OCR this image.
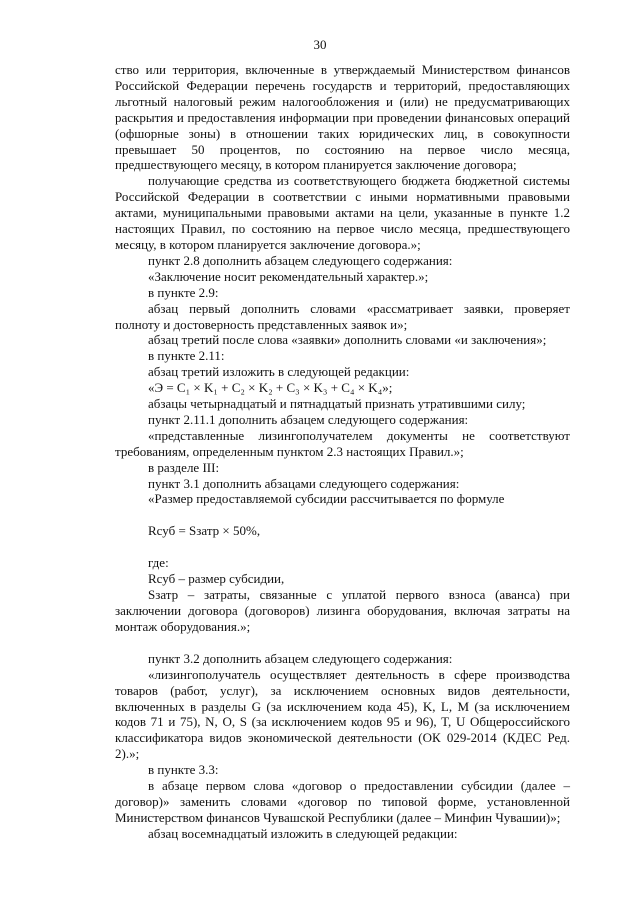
30

ство или территория, включенные в утверждаемый Министерством финансов Российской Федерации перечень государств и территорий, предоставляющих льготный налоговый режим налогообложения и (или) не предусматривающих раскрытия и предоставления информации при проведении финансовых операций (офшорные зоны) в отношении таких юридических лиц, в совокупности превышает 50 процентов, по состоянию на первое число месяца, предшествующего месяцу, в котором планируется заключение договора;

получающие средства из соответствующего бюджета бюджетной системы Российской Федерации в соответствии с иными нормативными правовыми актами, муниципальными правовыми актами на цели, указанные в пункте 1.2 настоящих Правил, по состоянию на первое число месяца, предшествующего месяцу, в котором планируется заключение договора.»;

пункт 2.8 дополнить абзацем следующего содержания:

«Заключение носит рекомендательный характер.»;

в пункте 2.9:

абзац первый дополнить словами «рассматривает заявки, проверяет полноту и достоверность представленных заявок и»;

абзац третий после слова «заявки» дополнить словами «и заключения»;

в пункте 2.11:

абзац третий изложить в следующей редакции:

«Э = C₁ × K₁ + C₂ × K₂ + C₃ × K₃ + C₄ × K₄»;

абзацы четырнадцатый и пятнадцатый признать утратившими силу;

пункт 2.11.1 дополнить абзацем следующего содержания:

«представленные лизингополучателем документы не соответствуют требованиям, определенным пунктом 2.3 настоящих Правил.»;

в разделе III:

пункт 3.1 дополнить абзацами следующего содержания:

«Размер предоставляемой субсидии рассчитывается по формуле

Rсуб = Sзатр × 50%,

где:

Rсуб – размер субсидии,

Sзатр – затраты, связанные с уплатой первого взноса (аванса) при заключении договора (договоров) лизинга оборудования, включая затраты на монтаж оборудования.»;

пункт 3.2 дополнить абзацем следующего содержания:

«лизингополучатель осуществляет деятельность в сфере производства товаров (работ, услуг), за исключением основных видов деятельности, включенных в разделы G (за исключением кода 45), K, L, M (за исключением кодов 71 и 75), N, O, S (за исключением кодов 95 и 96), T, U Общероссийского классификатора видов экономической деятельности (ОК 029-2014 (КДЕС Ред. 2).»;

в пункте 3.3:

в абзаце первом слова «договор о предоставлении субсидии (далее – договор)» заменить словами «договор по типовой форме, установленной Министерством финансов Чувашской Республики (далее – Минфин Чувашии)»;

абзац восемнадцатый изложить в следующей редакции:
